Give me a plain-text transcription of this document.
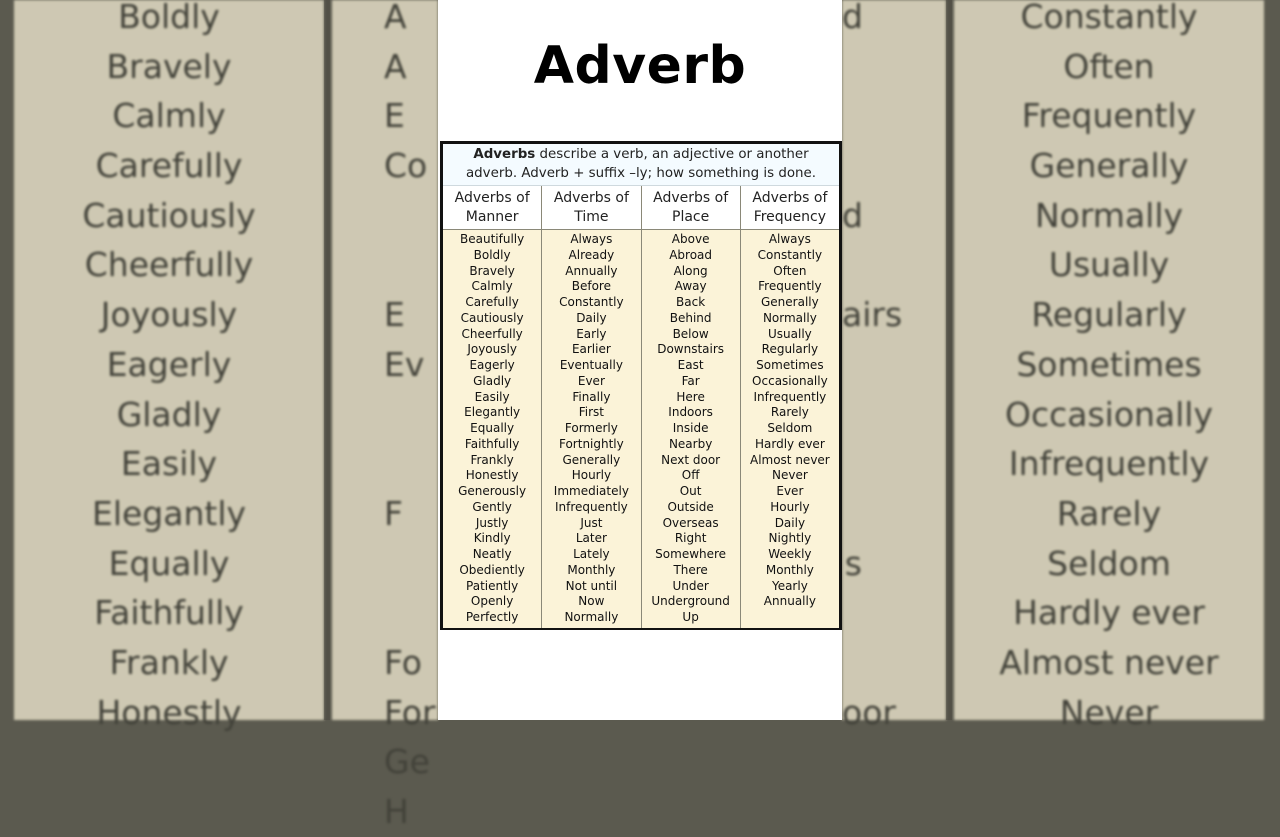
Boldly
Bravely
Calmly
Carefully
Cautiously
Cheerfully
Joyously
Eagerly
Gladly
Easily
Elegantly
Equally
Faithfully
Frankly
Honestly
A
A
E
Co
E
Ev
F
Fo
For
Ge
H
d
d
airs
s
oor
Constantly
Often
Frequently
Generally
Normally
Usually
Regularly
Sometimes
Occasionally
Infrequently
Rarely
Seldom
Hardly ever
Almost never
Never
Adverb
Adverbs describe a verb, an adjective or another
adverb. Adverb + suffix –ly; how something is done.
Adverbs of
Manner
Beautifully
Boldly
Bravely
Calmly
Carefully
Cautiously
Cheerfully
Joyously
Eagerly
Gladly
Easily
Elegantly
Equally
Faithfully
Frankly
Honestly
Generously
Gently
Justly
Kindly
Neatly
Obediently
Patiently
Openly
Perfectly
Adverbs of
Time
Always
Already
Annually
Before
Constantly
Daily
Early
Earlier
Eventually
Ever
Finally
First
Formerly
Fortnightly
Generally
Hourly
Immediately
Infrequently
Just
Later
Lately
Monthly
Not until
Now
Normally
Adverbs of
Place
Above
Abroad
Along
Away
Back
Behind
Below
Downstairs
East
Far
Here
Indoors
Inside
Nearby
Next door
Off
Out
Outside
Overseas
Right
Somewhere
There
Under
Underground
Up
Adverbs of
Frequency
Always
Constantly
Often
Frequently
Generally
Normally
Usually
Regularly
Sometimes
Occasionally
Infrequently
Rarely
Seldom
Hardly ever
Almost never
Never
Ever
Hourly
Daily
Nightly
Weekly
Monthly
Yearly
Annually
